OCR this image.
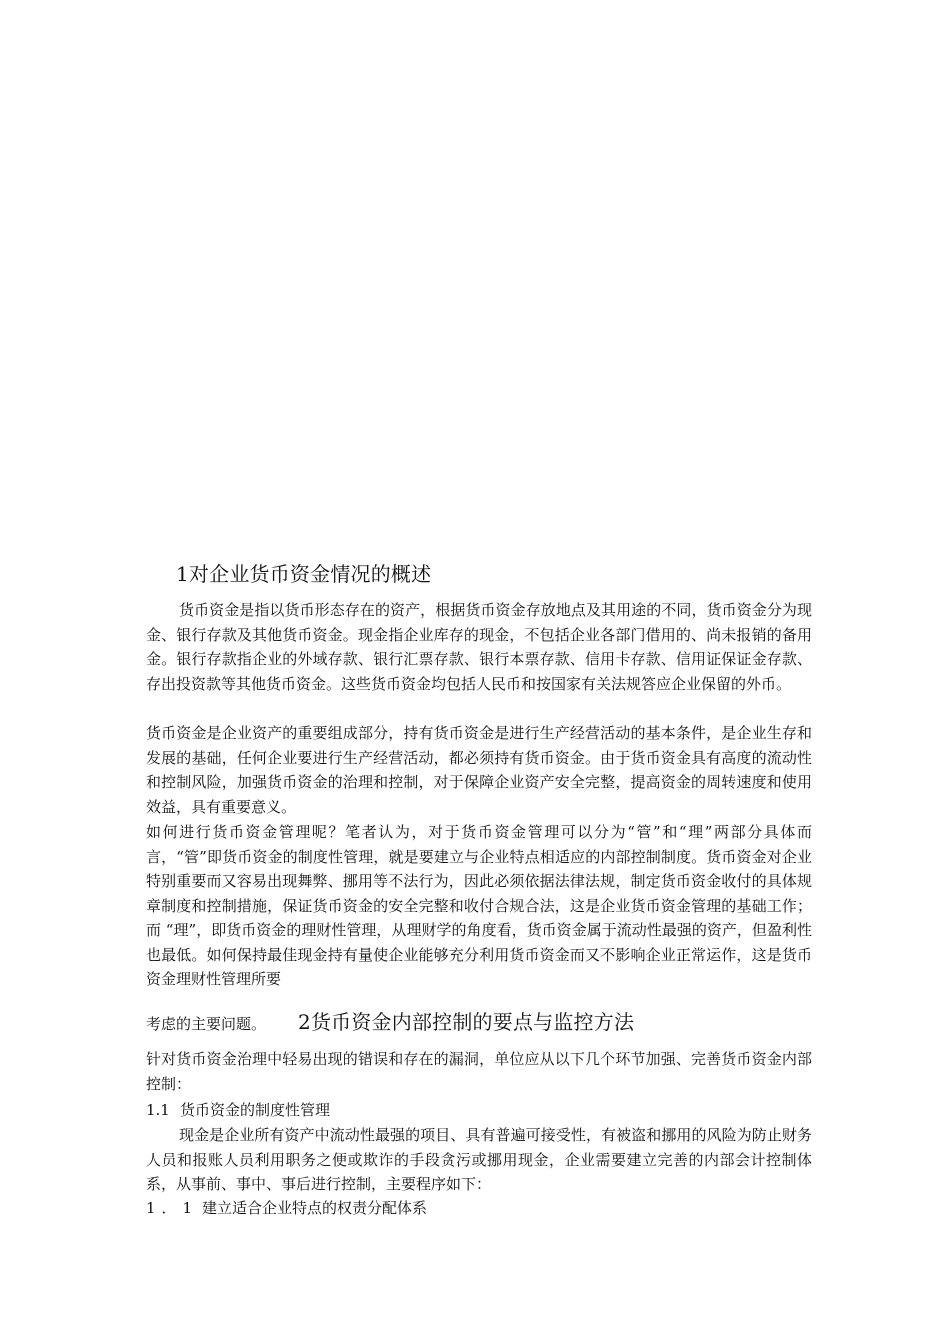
1对企业货币资金情况的概述

货币资金是指以货币形态存在的资产，根据货币资金存放地点及其用途的不同，货币资金分为现金、银行存款及其他货币资金。现金指企业库存的现金，不包括企业各部门借用的、尚未报销的备用金。银行存款指企业的外域存款、银行汇票存款、银行本票存款、信用卡存款、信用证保证金存款、存出投资款等其他货币资金。这些货币资金均包括人民币和按国家有关法规答应企业保留的外币。

货币资金是企业资产的重要组成部分，持有货币资金是进行生产经营活动的基本条件，是企业生存和发展的基础，任何企业要进行生产经营活动，都必须持有货币资金。由于货币资金具有高度的流动性和控制风险，加强货币资金的治理和控制，对于保障企业资产安全完整，提高资金的周转速度和使用效益，具有重要意义。

如何进行货币资金管理呢？笔者认为，对于货币资金管理可以分为“管”和“理”两部分具体而言，“管”即货币资金的制度性管理，就是要建立与企业特点相适应的内部控制制度。货币资金对企业特别重要而又容易出现舞弊、挪用等不法行为，因此必须依据法律法规，制定货币资金收付的具体规章制度和控制措施，保证货币资金的安全完整和收付合规合法，这是企业货币资金管理的基础工作；而 “理”，即货币资金的理财性管理，从理财学的角度看，货币资金属于流动性最强的资产，但盈利性也最低。如何保持最佳现金持有量使企业能够充分利用货币资金而又不影响企业正常运作，这是货币资金理财性管理所要

考虑的主要问题。 2货币资金内部控制的要点与监控方法

针对货币资金治理中轻易出现的错误和存在的漏洞，单位应从以下几个环节加强、完善货币资金内部控制：

1.1 货币资金的制度性管理

现金是企业所有资产中流动性最强的项目、具有普遍可接受性，有被盗和挪用的风险为防止财务人员和报账人员利用职务之便或欺诈的手段贪污或挪用现金，企业需要建立完善的内部会计控制体系，从事前、事中、事后进行控制，主要程序如下：

1．1 建立适合企业特点的权责分配体系
